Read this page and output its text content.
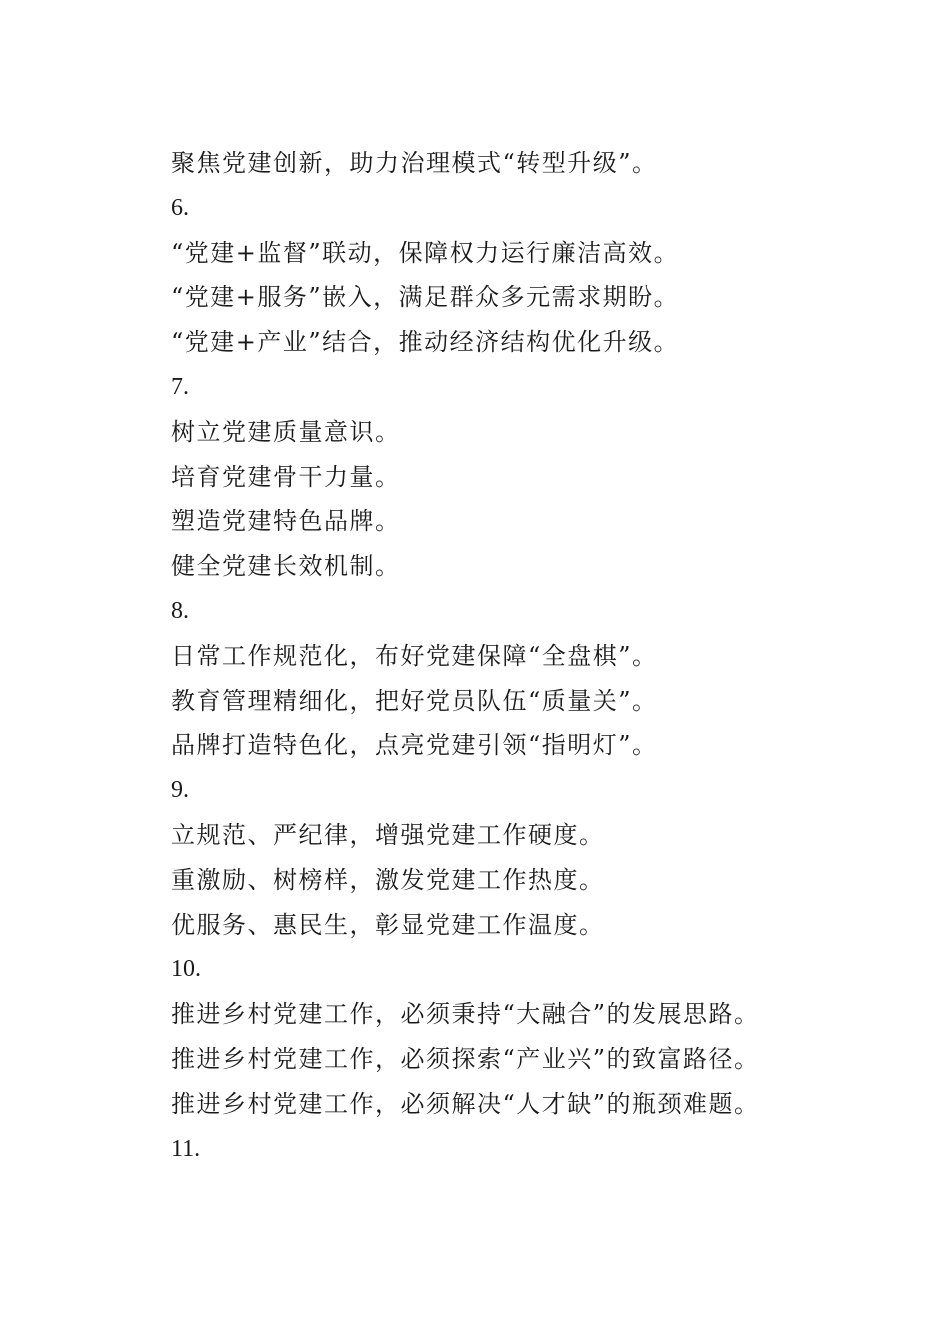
聚焦党建创新，助力治理模式“转型升级”。
6.
“党建+监督”联动，保障权力运行廉洁高效。
“党建+服务”嵌入，满足群众多元需求期盼。
“党建+产业”结合，推动经济结构优化升级。
7.
树立党建质量意识。
培育党建骨干力量。
塑造党建特色品牌。
健全党建长效机制。
8.
日常工作规范化，布好党建保障“全盘棋”。
教育管理精细化，把好党员队伍“质量关”。
品牌打造特色化，点亮党建引领“指明灯”。
9.
立规范、严纪律，增强党建工作硬度。
重激励、树榜样，激发党建工作热度。
优服务、惠民生，彰显党建工作温度。
10.
推进乡村党建工作，必须秉持“大融合”的发展思路。
推进乡村党建工作，必须探索“产业兴”的致富路径。
推进乡村党建工作，必须解决“人才缺”的瓶颈难题。
11.
